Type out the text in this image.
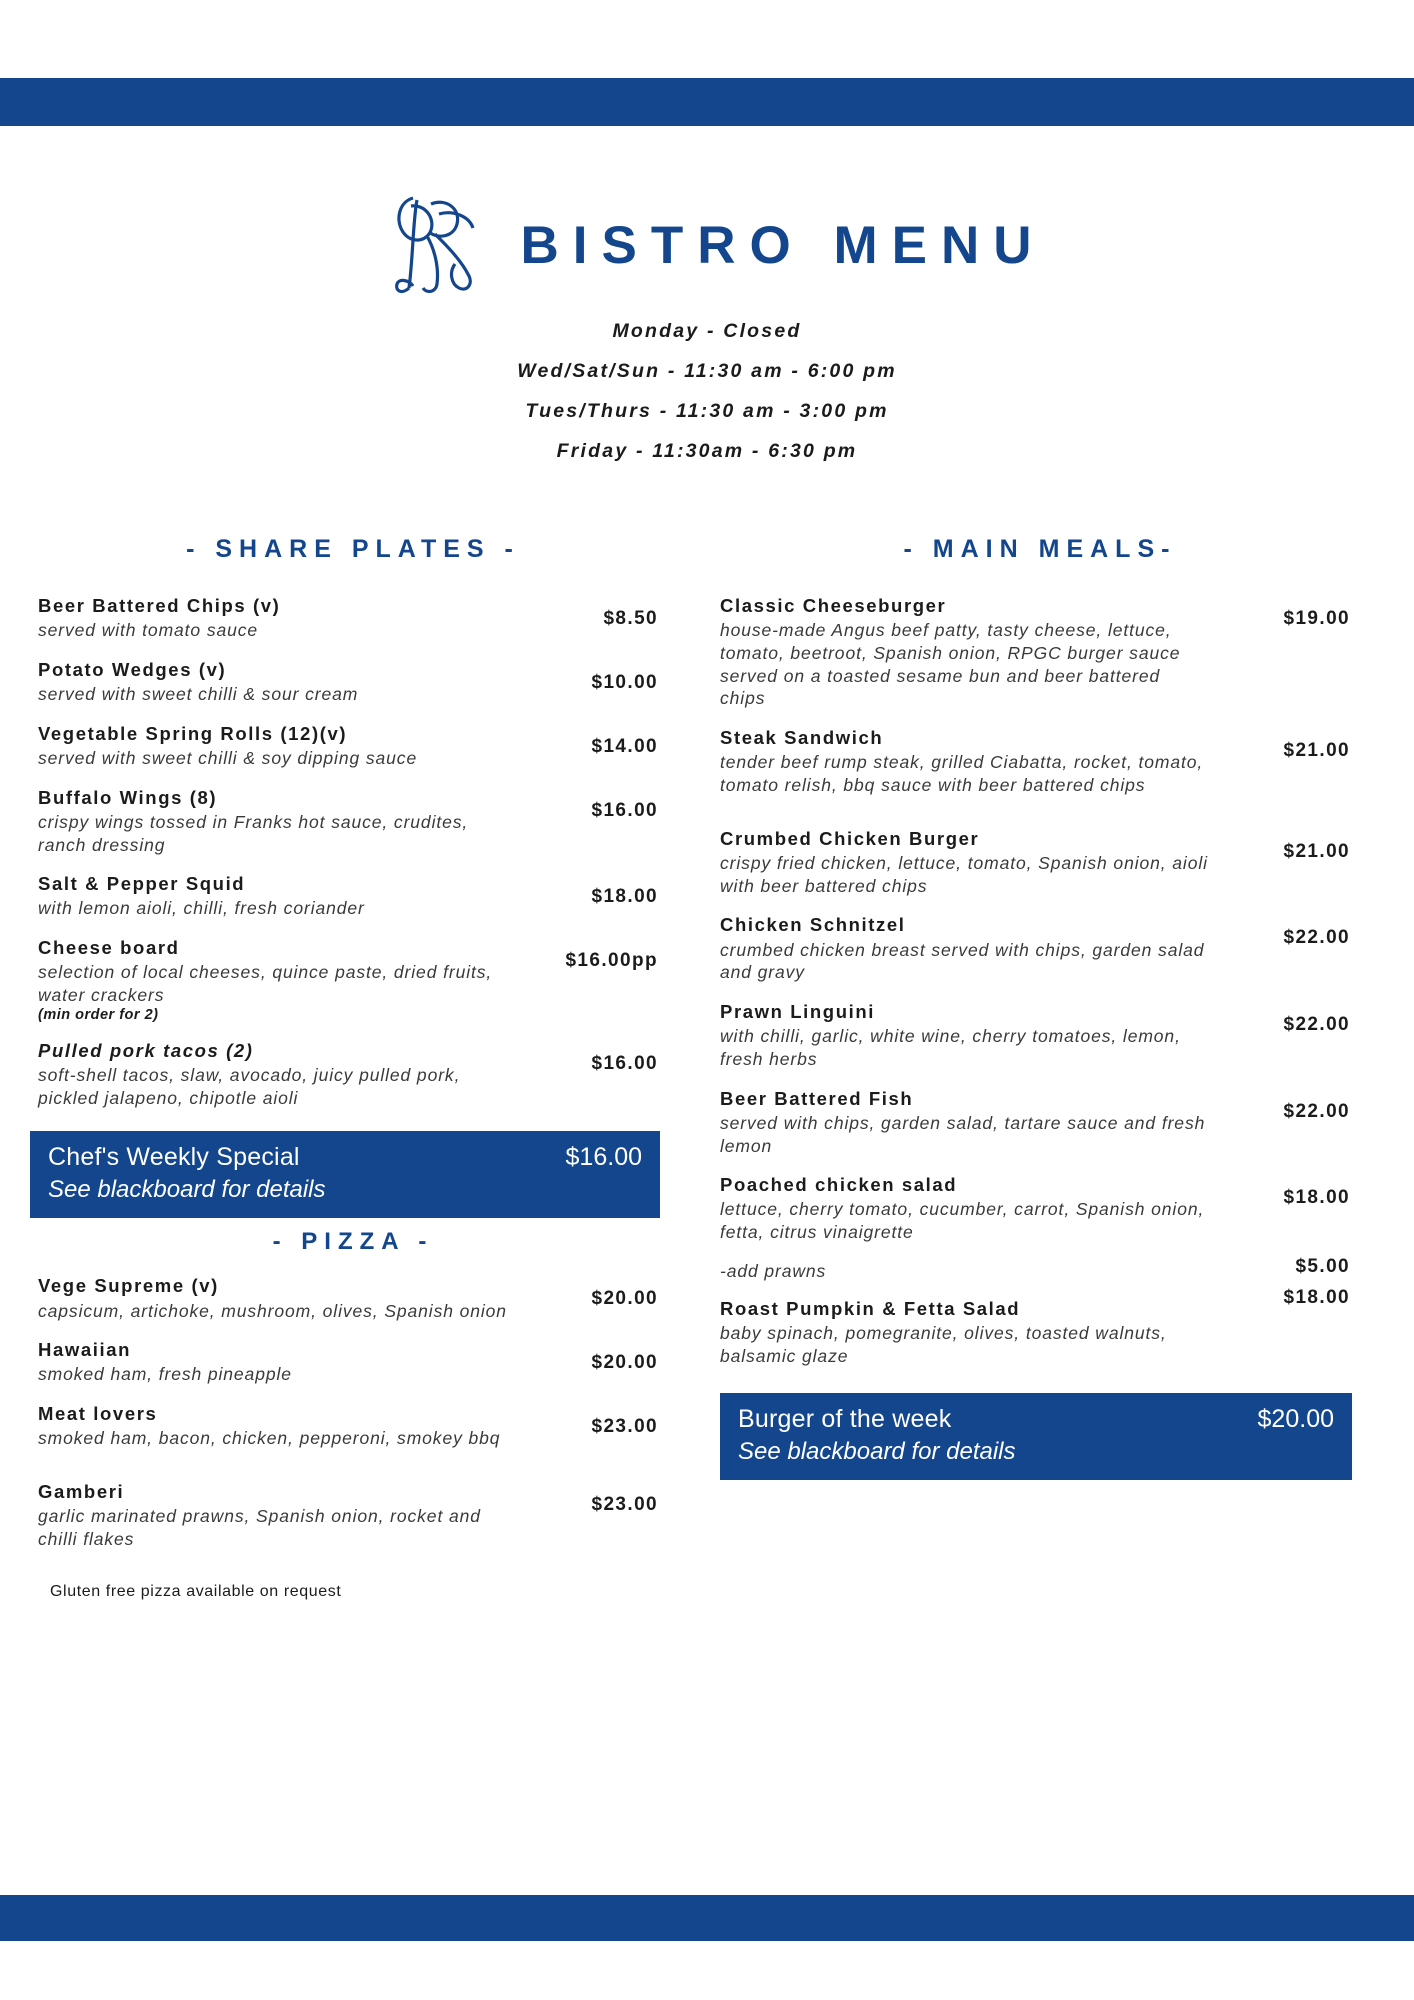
BISTRO MENU
Monday - Closed
Wed/Sat/Sun - 11:30 am - 6:00 pm
Tues/Thurs - 11:30 am - 3:00 pm
Friday - 11:30am - 6:30 pm
- SHARE PLATES -
Beer Battered Chips (v)
served with tomato sauce
$8.50
Potato Wedges (v)
served with sweet chilli & sour cream
$10.00
Vegetable Spring Rolls (12)(v)
served with sweet chilli & soy dipping sauce
$14.00
Buffalo Wings (8)
crispy wings tossed in Franks hot sauce, crudites, ranch dressing
$16.00
Salt & Pepper Squid
with lemon aioli, chilli, fresh coriander
$18.00
Cheese board
selection of local cheeses, quince paste, dried fruits, water crackers
(min order for 2)
$16.00pp
Pulled pork tacos (2)
soft-shell tacos, slaw, avocado, juicy pulled pork, pickled jalapeno, chipotle aioli
$16.00
Chef's Weekly Special	$16.00
See blackboard for details
- PIZZA -
Vege Supreme (v)
capsicum, artichoke, mushroom, olives, Spanish onion
$20.00
Hawaiian
smoked ham, fresh pineapple
$20.00
Meat lovers
smoked ham, bacon, chicken, pepperoni, smokey bbq
$23.00
Gamberi
garlic marinated prawns, Spanish onion, rocket and chilli flakes
$23.00
Gluten free pizza available on request
- MAIN MEALS-
Classic Cheeseburger
house-made Angus beef patty, tasty cheese, lettuce, tomato, beetroot, Spanish onion, RPGC burger sauce served on a toasted sesame bun and beer battered chips
$19.00
Steak Sandwich
tender beef rump steak, grilled Ciabatta, rocket, tomato, tomato relish, bbq sauce with beer battered chips
$21.00
Crumbed Chicken Burger
crispy fried chicken, lettuce, tomato, Spanish onion, aioli with beer battered chips
$21.00
Chicken Schnitzel
crumbed chicken breast served with chips, garden salad and gravy
$22.00
Prawn Linguini
with chilli, garlic, white wine, cherry tomatoes, lemon, fresh herbs
$22.00
Beer Battered Fish
served with chips, garden salad, tartare sauce and fresh lemon
$22.00
Poached chicken salad
lettuce, cherry tomato, cucumber, carrot, Spanish onion, fetta, citrus vinaigrette
$18.00
-add prawns	$5.00
Roast Pumpkin & Fetta Salad
baby spinach, pomegranite, olives, toasted walnuts, balsamic glaze
$18.00
Burger of the week	$20.00
See blackboard for details
